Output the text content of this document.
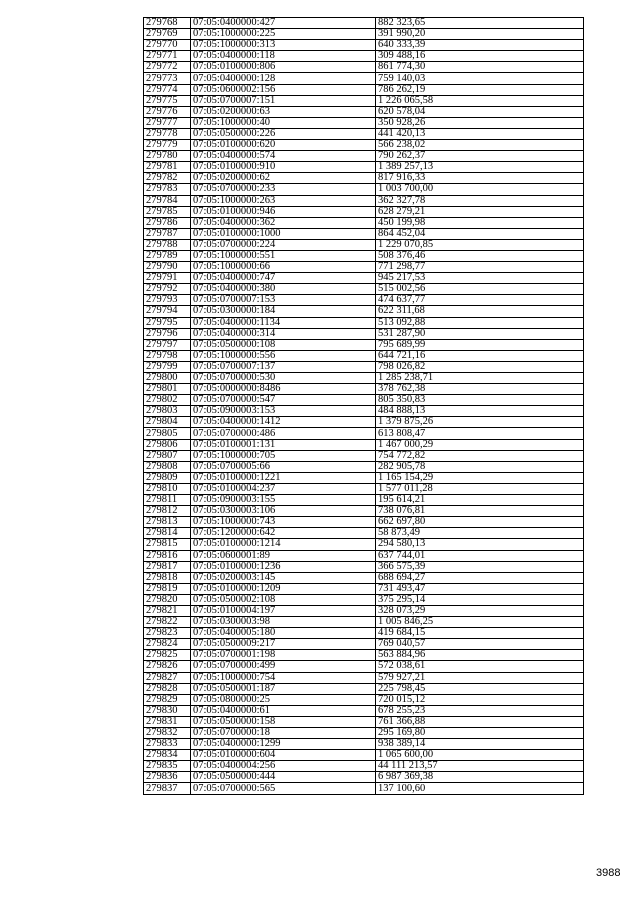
279768	07:05:0400000:427	882 323,65
279769	07:05:1000000:225	391 990,20
279770	07:05:1000000:313	640 333,39
279771	07:05:0400000:118	309 488,16
279772	07:05:0100000:806	861 774,30
279773	07:05:0400000:128	759 140,03
279774	07:05:0600002:156	786 262,19
279775	07:05:0700007:151	1 226 065,58
279776	07:05:0200000:63	620 578,04
279777	07:05:1000000:40	350 928,26
279778	07:05:0500000:226	441 420,13
279779	07:05:0100000:620	566 238,02
279780	07:05:0400000:574	790 262,37
279781	07:05:0100000:910	1 389 257,13
279782	07:05:0200000:62	817 916,33
279783	07:05:0700000:233	1 003 700,00
279784	07:05:1000000:263	362 327,78
279785	07:05:0100000:946	628 279,21
279786	07:05:0400000:362	450 199,98
279787	07:05:0100000:1000	864 452,04
279788	07:05:0700000:224	1 229 070,85
279789	07:05:1000000:551	508 376,46
279790	07:05:1000000:66	771 298,77
279791	07:05:0400000:747	945 217,53
279792	07:05:0400000:380	515 002,56
279793	07:05:0700007:153	474 637,77
279794	07:05:0300000:184	622 311,68
279795	07:05:0400000:1134	513 092,88
279796	07:05:0400000:314	531 287,90
279797	07:05:0500000:108	795 689,99
279798	07:05:1000000:556	644 721,16
279799	07:05:0700007:137	798 026,82
279800	07:05:0700000:530	1 285 238,71
279801	07:05:0000000:8486	378 762,38
279802	07:05:0700000:547	805 350,83
279803	07:05:0900003:153	484 888,13
279804	07:05:0400000:1412	1 379 875,26
279805	07:05:0700000:486	613 808,47
279806	07:05:0100001:131	1 467 000,29
279807	07:05:1000000:705	754 772,82
279808	07:05:0700005:66	282 905,78
279809	07:05:0100000:1221	1 165 154,29
279810	07:05:0100004:237	1 577 011,28
279811	07:05:0900003:155	195 614,21
279812	07:05:0300003:106	738 076,81
279813	07:05:1000000:743	662 697,80
279814	07:05:1200000:642	58 873,49
279815	07:05:0100000:1214	294 580,13
279816	07:05:0600001:89	637 744,01
279817	07:05:0100000:1236	366 575,39
279818	07:05:0200003:145	688 694,27
279819	07:05:0100000:1209	731 493,47
279820	07:05:0500002:108	375 295,14
279821	07:05:0100004:197	328 073,29
279822	07:05:0300003:98	1 005 846,25
279823	07:05:0400005:180	419 684,15
279824	07:05:0500009:217	769 040,57
279825	07:05:0700001:198	563 884,96
279826	07:05:0700000:499	572 038,61
279827	07:05:1000000:754	579 927,21
279828	07:05:0500001:187	225 798,45
279829	07:05:0800000:25	720 015,12
279830	07:05:0400000:61	678 255,23
279831	07:05:0500000:158	761 366,88
279832	07:05:0700000:18	295 169,80
279833	07:05:0400000:1299	938 389,14
279834	07:05:0100000:604	1 065 600,00
279835	07:05:0400004:256	44 111 213,57
279836	07:05:0500000:444	6 987 369,38
279837	07:05:0700000:565	137 100,60
3988
